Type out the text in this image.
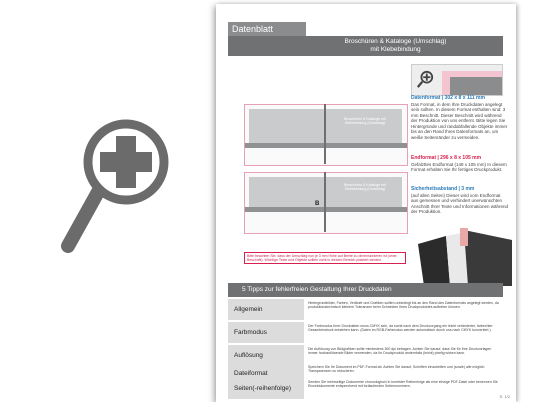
Datenblatt
Broschüren & Kataloge (Umschlag)
mit Klebebindung
Datenformat | 302 x 8 x 111 mm
Das Format, in dem Ihre Druckdaten angelegt sein sollten. In diesem Format enthalten sind: 3 mm Beschnitt. Dieser Beschnitt wird während der Produktion von uns entfernt. Bitte legen Sie Hintergründe und randabfallende Objekte immer bis an den Rand Ihres Datenformats an, um weiße Seitenränder zu vermeiden.
Endformat | 296 x 8 x 105 mm
Gefalzttes Endformat (148 x 105 mm) In diesem Format erhalten Sie Ihr fertiges Druckprodukt.
Sicherheitsabstand | 3 mm
(auf allen Seiten) Dieser wird vom Endformat aus gemessen und verhindert unerwünschten Anschnitt Ihrer Texte und Informationen während der Produktion.
Broschüren & Kataloge mit Klebebindung (Umschlag)
Broschüren & Kataloge mit Klebebindung (Umschlag)
B
Bitte beachten Sie, dass der Umschlag nun je 3 mm Höhe auf Breite zu dimensionieren ist (ohne Beschnitt). Wichtige Texte und Objekte sollten nicht in diesem Bereich platziert werden.
5 Tipps zur fehlerfreien Gestaltung Ihrer Druckdaten
Allgemein
Hintergrundbilder, Farben, Verläufe und Grafiken sollten unbedingt bis an den Rand des Datenformats angelegt werden, da produktionstechnisch kleinere Toleranzen beim Schneiden Ihres Druckproduktes auftreten können.
Farbmodus
Der Farbmodus Ihrer Druckdaten muss CMYK sein, da somit nach dem Druckvorgang ein leicht veränderter, farbechter Gesamteindruck entstehen kann. (Daten im RGB-Farbmodus werden automatisch durch uns nach CMYK konvertiert.)
Auflösung
Die Auflösung von Bildgrafiken sollte mindestens 300 dpi betragen. Achten Sie darauf, dass Sie für Ihre Druckvorlagen immer hochauflösende Bilder verwenden, da Ihr Druckprodukt andernfalls (leicht) pixelig wirken kann.
Dateiformat
Speichern Sie Ihr Dokument im PDF-Format ab. Achten Sie darauf, Schriften einzubetten und (sowie) alle möglich Transparenzen zu reduzieren.
Seiten(-reihenfolge)
Senden Sie mehrseitige Dokumente chronologisch in korrekter Reihenfolge als eine einzige PDF-Datei oder benennen Sie Einzeldokumente entsprechend mit fortlaufenden Seitennummern.
S. 1/2
